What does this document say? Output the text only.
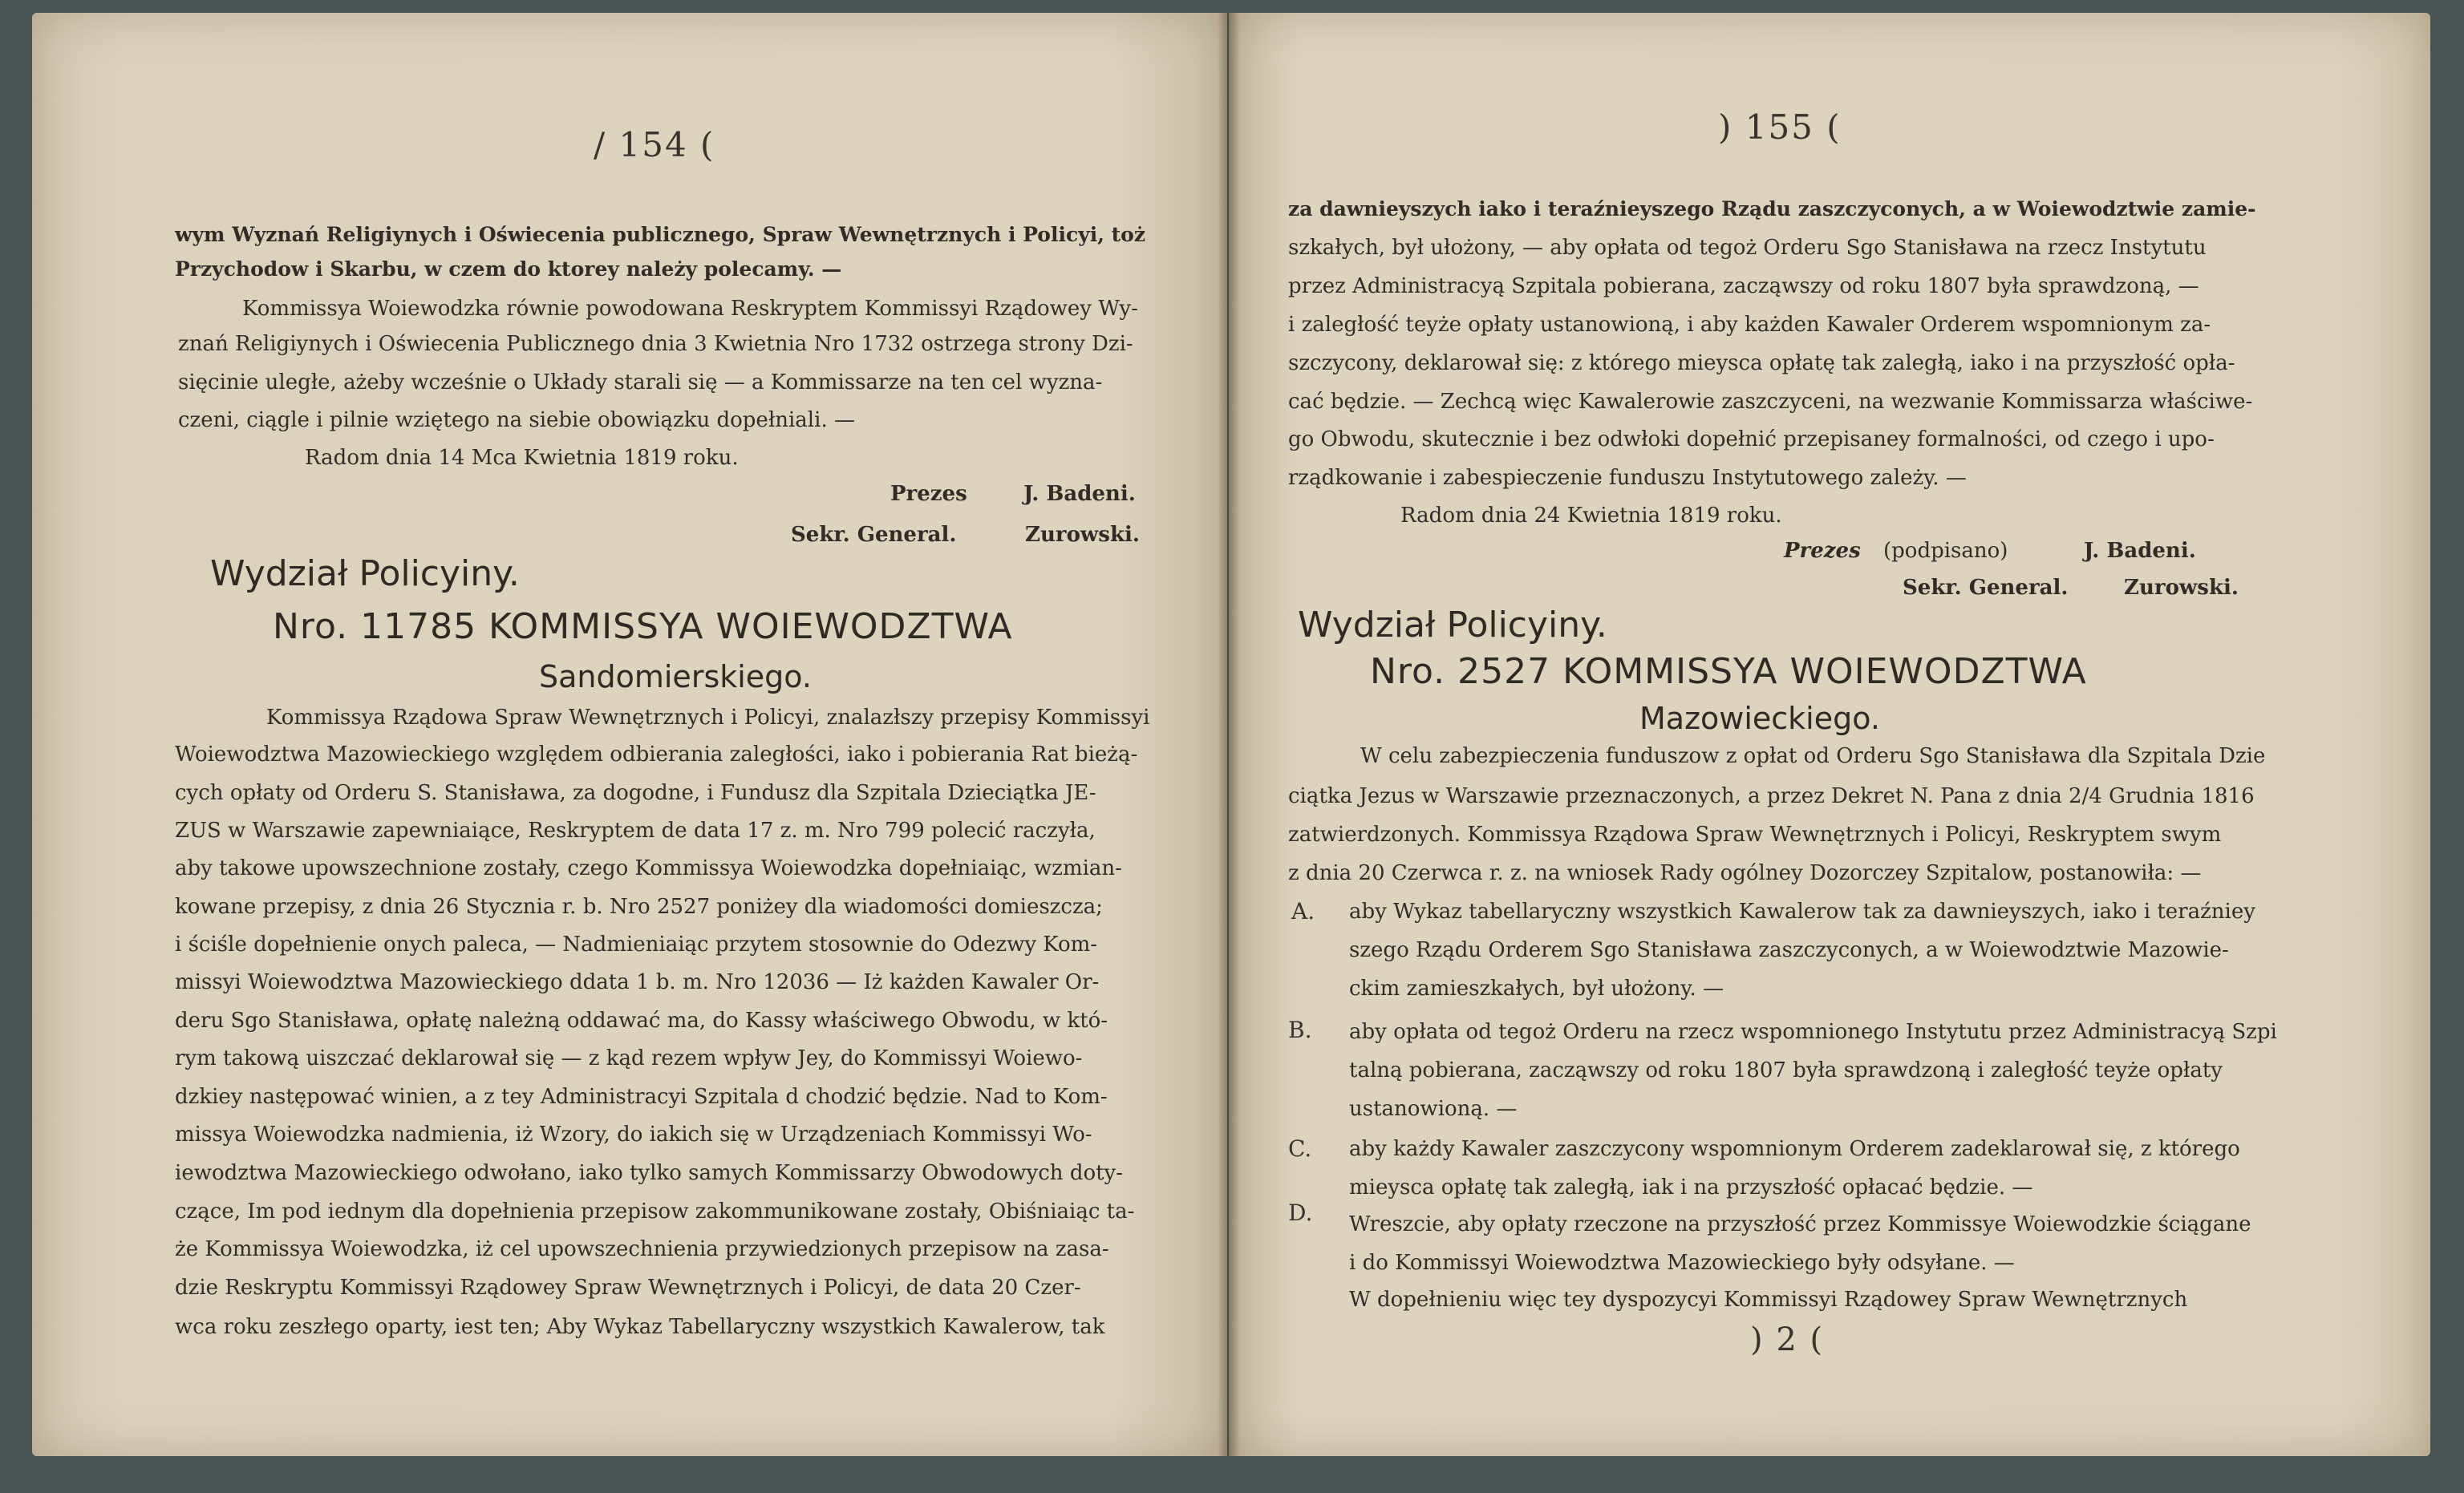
∕ 154 (
wym Wyznań Religiynych i Oświecenia publicznego, Spraw Wewnętrznych i Policyi, toż
Przychodow i Skarbu, w czem do ktorey należy polecamy. —
Kommissya Woiewodzka równie powodowana Reskryptem Kommissyi Rządowey Wy-
znań Religiynych i Oświecenia Publicznego dnia 3 Kwietnia Nro 1732 ostrzega strony Dzi-
sięcinie uległe, ażeby wcześnie o Układy starali się — a Kommissarze na ten cel wyzna-
czeni, ciągle i pilnie wziętego na siebie obowiązku dopełniali. —
Radom dnia 14 Mca Kwietnia 1819 roku.
Prezes	J. Badeni.
Sekr. General.	Zurowski.
Wydział Policyiny.
Nro. 11785 KOMMISSYA WOIEWODZTWA
Sandomierskiego.
Kommissya Rządowa Spraw Wewnętrznych i Policyi, znalazłszy przepisy Kommissyi
Woiewodztwa Mazowieckiego względem odbierania zaległości, iako i pobierania Rat bieżą-
cych opłaty od Orderu S. Stanisława, za dogodne, i Fundusz dla Szpitala Dzieciątka JE-
ZUS w Warszawie zapewniaiące, Reskryptem de data 17 z. m. Nro 799 polecić raczyła,
aby takowe upowszechnione zostały, czego Kommissya Woiewodzka dopełniaiąc, wzmian-
kowane przepisy, z dnia 26 Stycznia r. b. Nro 2527 poniżey dla wiadomości domieszcza;
i ściśle dopełnienie onych paleca, — Nadmieniaiąc przytem stosownie do Odezwy Kom-
missyi Woiewodztwa Mazowieckiego ddata 1 b. m. Nro 12036 — Iż każden Kawaler Or-
deru Sgo Stanisława, opłatę należną oddawać ma, do Kassy właściwego Obwodu, w któ-
rym takową uiszczać deklarował się — z kąd rezem wpływ Jey, do Kommissyi Woiewo-
dzkiey następować winien, a z tey Administracyi Szpitala d chodzić będzie. Nad to Kom-
missya Woiewodzka nadmienia, iż Wzory, do iakich się w Urządzeniach Kommissyi Wo-
iewodztwa Mazowieckiego odwołano, iako tylko samych Kommissarzy Obwodowych doty-
czące, Im pod iednym dla dopełnienia przepisow zakommunikowane zostały, Obiśniaiąc ta-
że Kommissya Woiewodzka, iż cel upowszechnienia przywiedzionych przepisow na zasa-
dzie Reskryptu Kommissyi Rządowey Spraw Wewnętrznych i Policyi, de data 20 Czer-
wca roku zeszłego oparty, iest ten; Aby Wykaz Tabellaryczny wszystkich Kawalerow, tak
) 155 (
za dawnieyszych iako i teraźnieyszego Rządu zaszczyconych, a w Woiewodztwie zamie-
szkałych, był ułożony, — aby opłata od tegoż Orderu Sgo Stanisława na rzecz Instytutu
przez Administracyą Szpitala pobierana, zacząwszy od roku 1807 była sprawdzoną, —
i zaległość teyże opłaty ustanowioną, i aby każden Kawaler Orderem wspomnionym za-
szczycony, deklarował się: z którego mieysca opłatę tak zaległą, iako i na przyszłość opła-
cać będzie. — Zechcą więc Kawalerowie zaszczyceni, na wezwanie Kommissarza właściwe-
go Obwodu, skutecznie i bez odwłoki dopełnić przepisaney formalności, od czego i upo-
rządkowanie i zabespieczenie funduszu Instytutowego zależy. —
Radom dnia 24 Kwietnia 1819 roku.
Prezes (podpisano)	J. Badeni.
Sekr. General.	Zurowski.
Wydział Policyiny.
Nro. 2527 KOMMISSYA WOIEWODZTWA
Mazowieckiego.
W celu zabezpieczenia funduszow z opłat od Orderu Sgo Stanisława dla Szpitala Dzie
ciątka Jezus w Warszawie przeznaczonych, a przez Dekret N. Pana z dnia 2/4 Grudnia 1816
zatwierdzonych. Kommissya Rządowa Spraw Wewnętrznych i Policyi, Reskryptem swym
z dnia 20 Czerwca r. z. na wniosek Rady ogólney Dozorczey Szpitalow, postanowiła: —
A. aby Wykaz tabellaryczny wszystkich Kawalerow tak za dawnieyszych, iako i teraźniey
szego Rządu Orderem Sgo Stanisława zaszczyconych, a w Woiewodztwie Mazowie-
ckim zamieszkałych, był ułożony. —
B. aby opłata od tegoż Orderu na rzecz wspomnionego Instytutu przez Administracyą Szpi
talną pobierana, zacząwszy od roku 1807 była sprawdzoną i zaległość teyże opłaty
ustanowioną. —
C. aby każdy Kawaler zaszczycony wspomnionym Orderem zadeklarował się, z którego
mieysca opłatę tak zaległą, iak i na przyszłość opłacać będzie. —
D. Wreszcie, aby opłaty rzeczone na przyszłość przez Kommissye Woiewodzkie ściągane
i do Kommissyi Woiewodztwa Mazowieckiego były odsyłane. —
W dopełnieniu więc tey dyspozycyi Kommissyi Rządowey Spraw Wewnętrznych
) 2 (
